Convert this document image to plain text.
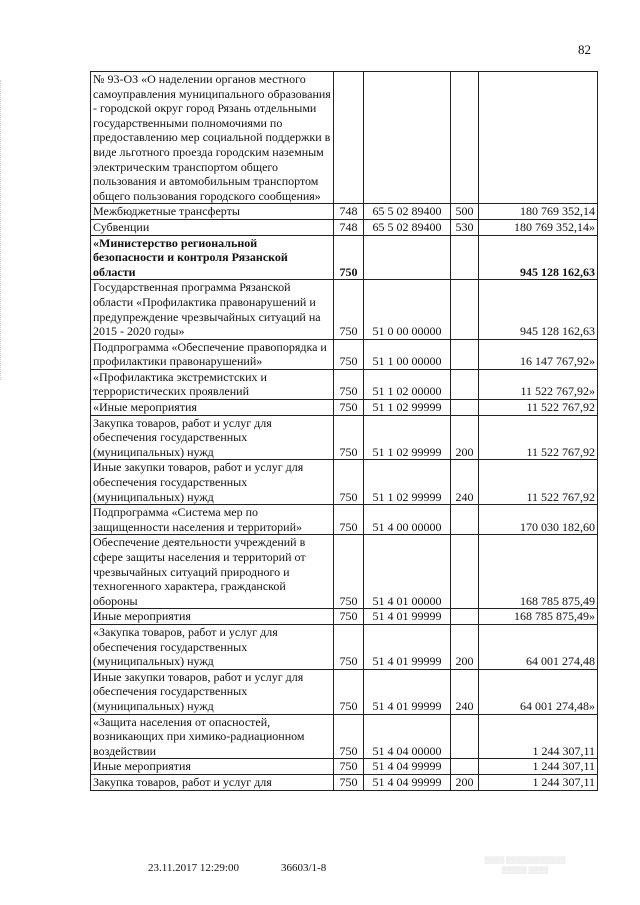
82
№ 93-ОЗ «О наделении органов местного самоуправления муниципального образования - городской округ город Рязань отдельными государственными полномочиями по предоставлению мер социальной поддержки в виде льготного проезда городским наземным электрическим транспортом общего пользования и автомобильным транспортом общего пользования городского сообщения»				
Межбюджетные трансферты	748	65 5 02 89400	500	180 769 352,14
Субвенции	748	65 5 02 89400	530	180 769 352,14»
«Министерство региональной безопасности и контроля Рязанской области	750			945 128 162,63
Государственная программа Рязанской области «Профилактика правонарушений и предупреждение чрезвычайных ситуаций на 2015 - 2020 годы»	750	51 0 00 00000		945 128 162,63
Подпрограмма «Обеспечение правопорядка и профилактики правонарушений»	750	51 1 00 00000		16 147 767,92»
«Профилактика экстремистских и террористических проявлений	750	51 1 02 00000		11 522 767,92»
«Иные мероприятия	750	51 1 02 99999		11 522 767,92
Закупка товаров, работ и услуг для обеспечения государственных (муниципальных) нужд	750	51 1 02 99999	200	11 522 767,92
Иные закупки товаров, работ и услуг для обеспечения государственных (муниципальных) нужд	750	51 1 02 99999	240	11 522 767,92
Подпрограмма «Система мер по защищенности населения и территорий»	750	51 4 00 00000		170 030 182,60
Обеспечение деятельности учреждений в сфере защиты населения и территорий от чрезвычайных ситуаций природного и техногенного характера, гражданской обороны	750	51 4 01 00000		168 785 875,49
Иные мероприятия	750	51 4 01 99999		168 785 875,49»
«Закупка товаров, работ и услуг для обеспечения государственных (муниципальных) нужд	750	51 4 01 99999	200	64 001 274,48
Иные закупки товаров, работ и услуг для обеспечения государственных (муниципальных) нужд	750	51 4 01 99999	240	64 001 274,48»
«Защита населения от опасностей, возникающих при химико-радиационном воздействии	750	51 4 04 00000		1 244 307,11
Иные мероприятия	750	51 4 04 99999		1 244 307,11
Закупка товаров, работ и услуг для	750	51 4 04 99999	200	1 244 307,11
23.11.2017 12:29:00	36603/1-8
▒▒▒▒ ▒▒▒▒▒▒▒▒▒▒▒▒
▒▒▒▒▒ ▒▒▒▒
